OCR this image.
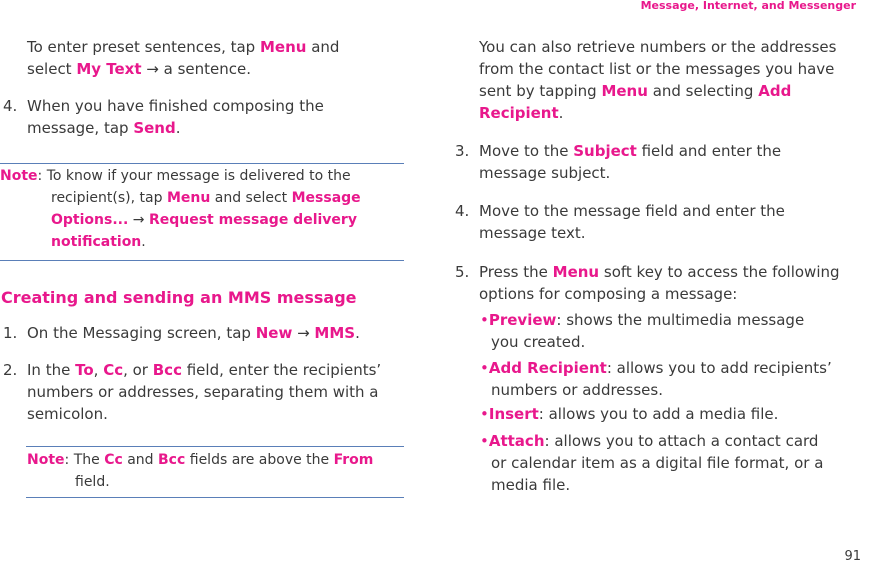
Message, Internet, and Messenger
To enter preset sentences, tap Menu and
select My Text → a sentence.
4. When you have finished composing the
message, tap Send.
Note: To know if your message is delivered to the
recipient(s), tap Menu and select Message
Options... → Request message delivery
notification.
Creating and sending an MMS message
1. On the Messaging screen, tap New → MMS.
2. In the To, Cc, or Bcc field, enter the recipients’
numbers or addresses, separating them with a
semicolon.
Note: The Cc and Bcc fields are above the From
field.
You can also retrieve numbers or the addresses
from the contact list or the messages you have
sent by tapping Menu and selecting Add
Recipient.
3. Move to the Subject field and enter the
message subject.
4. Move to the message field and enter the
message text.
5. Press the Menu soft key to access the following
options for composing a message:
•Preview: shows the multimedia message
you created.
•Add Recipient: allows you to add recipients’
numbers or addresses.
•Insert: allows you to add a media file.
•Attach: allows you to attach a contact card
or calendar item as a digital file format, or a
media file.
91
